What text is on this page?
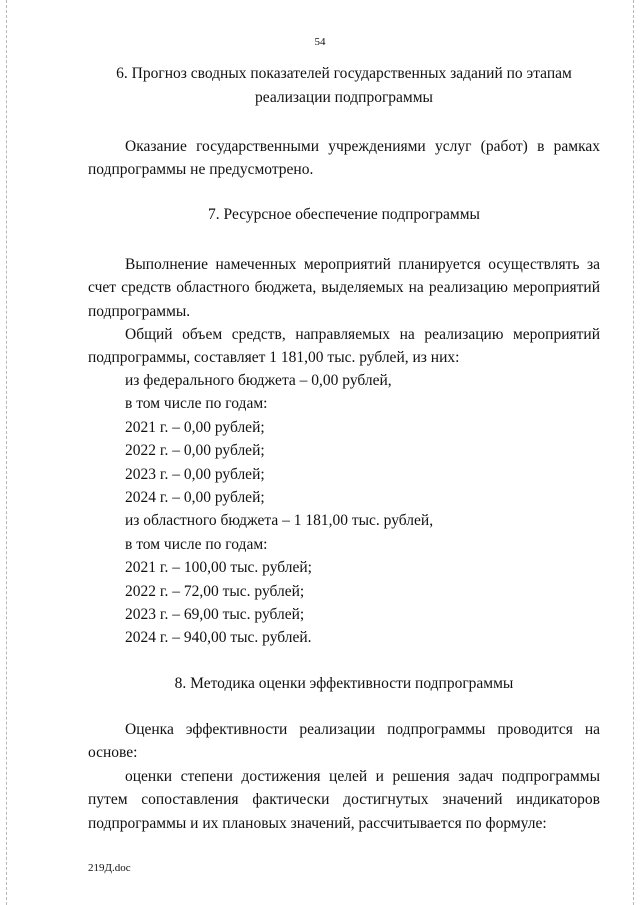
54
6. Прогноз сводных показателей государственных заданий по этапам
реализации подпрограммы

Оказание государственными учреждениями услуг (работ) в рамках подпрограммы не предусмотрено.

7. Ресурсное обеспечение подпрограммы

Выполнение намеченных мероприятий планируется осуществлять за счет средств областного бюджета, выделяемых на реализацию мероприятий подпрограммы.

Общий объем средств, направляемых на реализацию мероприятий подпрограммы, составляет 1 181,00 тыс. рублей, из них:

из федерального бюджета – 0,00 рублей,
в том числе по годам:
2021 г. – 0,00 рублей;
2022 г. – 0,00 рублей;
2023 г. – 0,00 рублей;
2024 г. – 0,00 рублей;
из областного бюджета – 1 181,00 тыс. рублей,
в том числе по годам:
2021 г. – 100,00 тыс. рублей;
2022 г. – 72,00 тыс. рублей;
2023 г. – 69,00 тыс. рублей;
2024 г. – 940,00 тыс. рублей.
8. Методика оценки эффективности подпрограммы

Оценка эффективности реализации подпрограммы проводится на основе:

оценки степени достижения целей и решения задач подпрограммы путем сопоставления фактически достигнутых значений индикаторов подпрограммы и их плановых значений, рассчитывается по формуле:

219Д.doc
